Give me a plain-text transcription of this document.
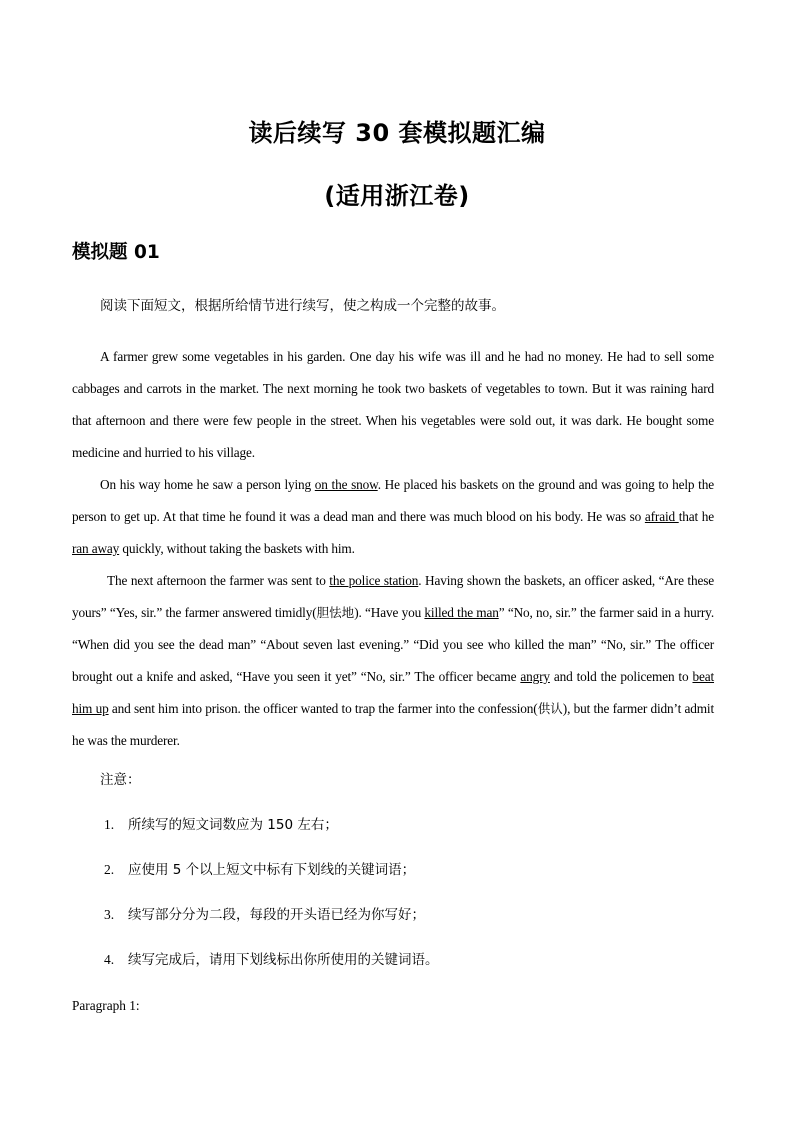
读后续写 30 套模拟题汇编
(适用浙江卷)
模拟题 01
阅读下面短文，根据所给情节进行续写，使之构成一个完整的故事。

A farmer grew some vegetables in his garden. One day his wife was ill and he had no money. He had to sell some cabbages and carrots in the market. The next morning he took two baskets of vegetables to town. But it was raining hard that afternoon and there were few people in the street. When his vegetables were sold out, it was dark. He bought some medicine and hurried to his village.

On his way home he saw a person lying on the snow. He placed his baskets on the ground and was going to help the person to get up. At that time he found it was a dead man and there was much blood on his body. He was so afraid that he ran away quickly, without taking the baskets with him.

The next afternoon the farmer was sent to the police station. Having shown the baskets, an officer asked, “Are these yours” “Yes, sir.” the farmer answered timidly(胆怯地). “Have you killed the man” “No, no, sir.” the farmer said in a hurry. “When did you see the dead man” “About seven last evening.” “Did you see who killed the man” “No, sir.” The officer brought out a knife and asked, “Have you seen it yet” “No, sir.” The officer became angry and told the policemen to beat him up and sent him into prison. the officer wanted to trap the farmer into the confession(供认), but the farmer didn’t admit he was the murderer.

注意：
1. 所续写的短文词数应为 150 左右；
2. 应使用 5 个以上短文中标有下划线的关键词语；
3. 续写部分分为二段，每段的开头语已经为你写好；
4. 续写完成后，请用下划线标出你所使用的关键词语。
Paragraph 1:
